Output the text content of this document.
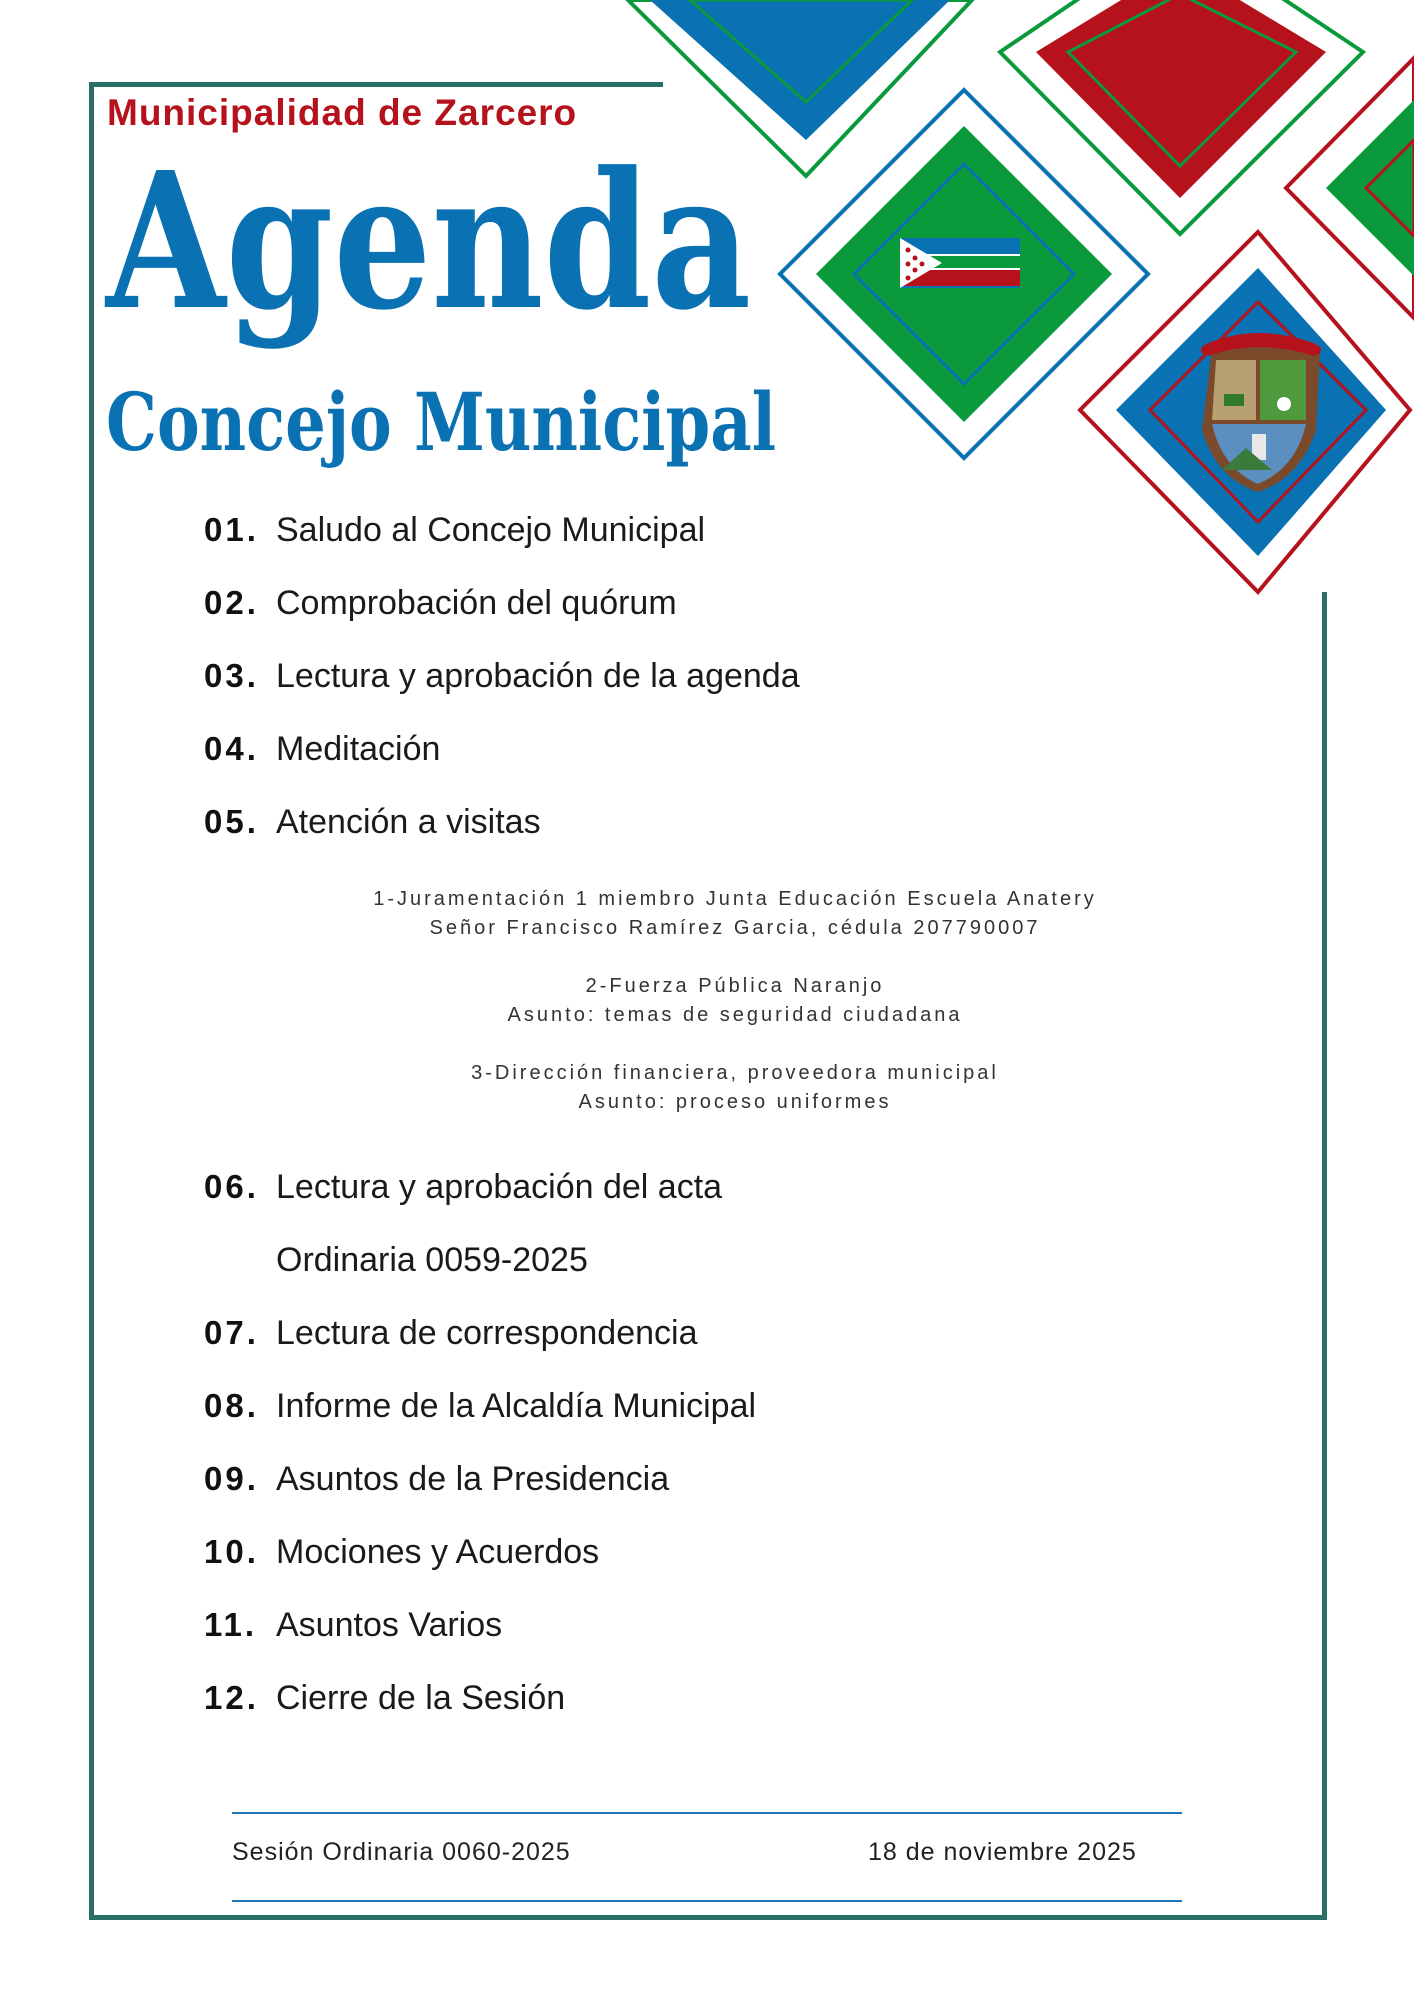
Municipalidad de Zarcero
Agenda
Concejo Municipal
01. Saludo al Concejo Municipal
02. Comprobación del quórum
03. Lectura y aprobación de la agenda
04. Meditación
05. Atención a visitas
1-Juramentación 1 miembro Junta Educación Escuela Anatery
Señor Francisco Ramírez Garcia, cédula 207790007
2-Fuerza Pública Naranjo
Asunto: temas de seguridad ciudadana
3-Dirección financiera, proveedora municipal
Asunto: proceso uniformes
06. Lectura y aprobación del acta
Ordinaria 0059-2025
07. Lectura de correspondencia
08. Informe de la Alcaldía Municipal
09. Asuntos de la Presidencia
10. Mociones y Acuerdos
11. Asuntos Varios
12. Cierre de la Sesión
Sesión Ordinaria 0060-2025	18 de noviembre 2025
